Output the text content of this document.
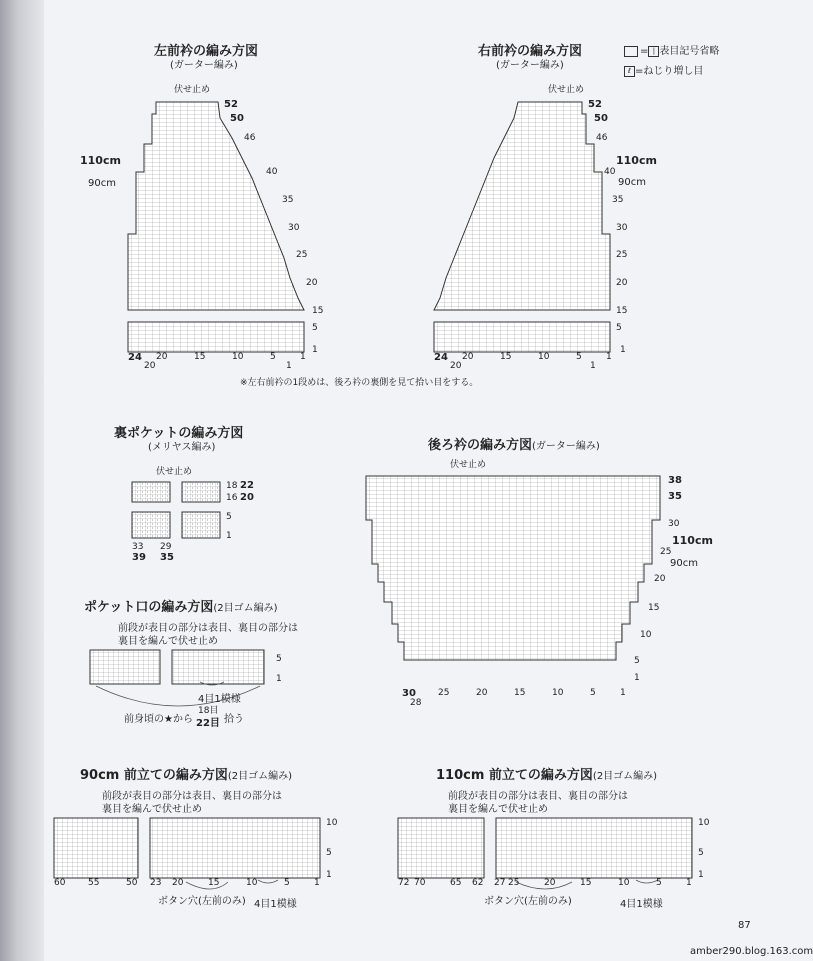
= | 表目記号省略
ℓ =ねじり増し目
左前衿の編み方図
(ガーター編み)
伏せ止め
110cm
90cm
52
50
46
40
35
30
25
20
15
5
1
24
20
20	15	10	5	1
1
右前衿の編み方図
(ガーター編み)
伏せ止め
110cm
90cm
52
50
46
40
35
30
25
20
15
5
1
24
20
20	15	10	5	1
1
※左右前衿の1段めは、後ろ衿の裏側を見て拾い目をする。
裏ポケットの編み方図
(メリヤス編み)
伏せ止め
18 22
16 20
5
1
33 29
39 35
ポケット口の編み方図(2目ゴム編み)
前段が表目の部分は表目、裏目の部分は
裏目を編んで伏せ止め
5
1
4目1模様
前身頃の★から
18目
22目 拾う
後ろ衿の編み方図(ガーター編み)
伏せ止め
38
35
30
110cm
25
90cm
20
15
10
5
1
30
28
25	20	15	10	5	1
90cm 前立ての編み方図(2目ゴム編み)
前段が表目の部分は表目、裏目の部分は
裏目を編んで伏せ止め
10
5
1
60	55	50 23 20	15	10	5	1
ボタン穴(左前のみ) 4目1模様
110cm 前立ての編み方図(2目ゴム編み)
前段が表目の部分は表目、裏目の部分は
裏目を編んで伏せ止め
10
5
1
72 70	65 62 27 25	20	15	10	5	1
ボタン穴(左前のみ)	4目1模様
87
amber290.blog.163.com
